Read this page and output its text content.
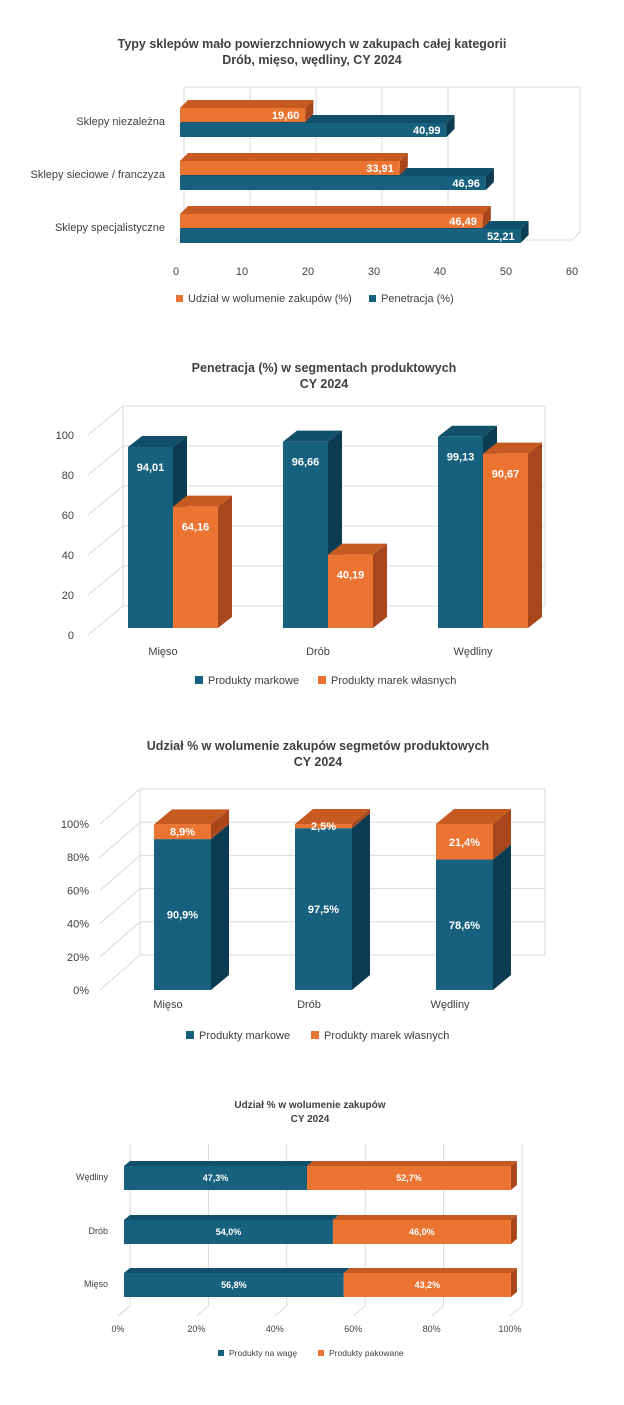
Typy sklepów mało powierzchniowych w zakupach całej kategorii
Drób, mięso, wędliny, CY 2024
0	10	20	30	40	50	60
Sklepy niezależna
40,99
19,60
Sklepy sieciowe / franczyza
46,96
33,91
Sklepy specjalistyczne
52,21
46,49
Udział w wolumenie zakupów (%)	Penetracja (%)
Penetracja (%) w segmentach produktowych
CY 2024
0
20
40
60
80
100
Mięso
94,01
64,16
Drób
96,66
40,19
Wędliny
99,13
90,67
Produkty markowe	Produkty marek własnych
Udział % w wolumenie zakupów segmetów produktowych
CY 2024
0%
20%
40%
60%
80%
100%
Mięso
90,9%
8,9%
Drób
97,5%
2,5%
Wędliny
78,6%
21,4%
Produkty markowe	Produkty marek własnych
Udział % w wolumenie zakupów
CY 2024
0%	20%	40%	60%	80%	100%
Wędliny	47,3%	52,7%
Drób	54,0%	46,0%
Mięso	56,8%	43,2%
Produkty na wagę	Produkty pakowane
